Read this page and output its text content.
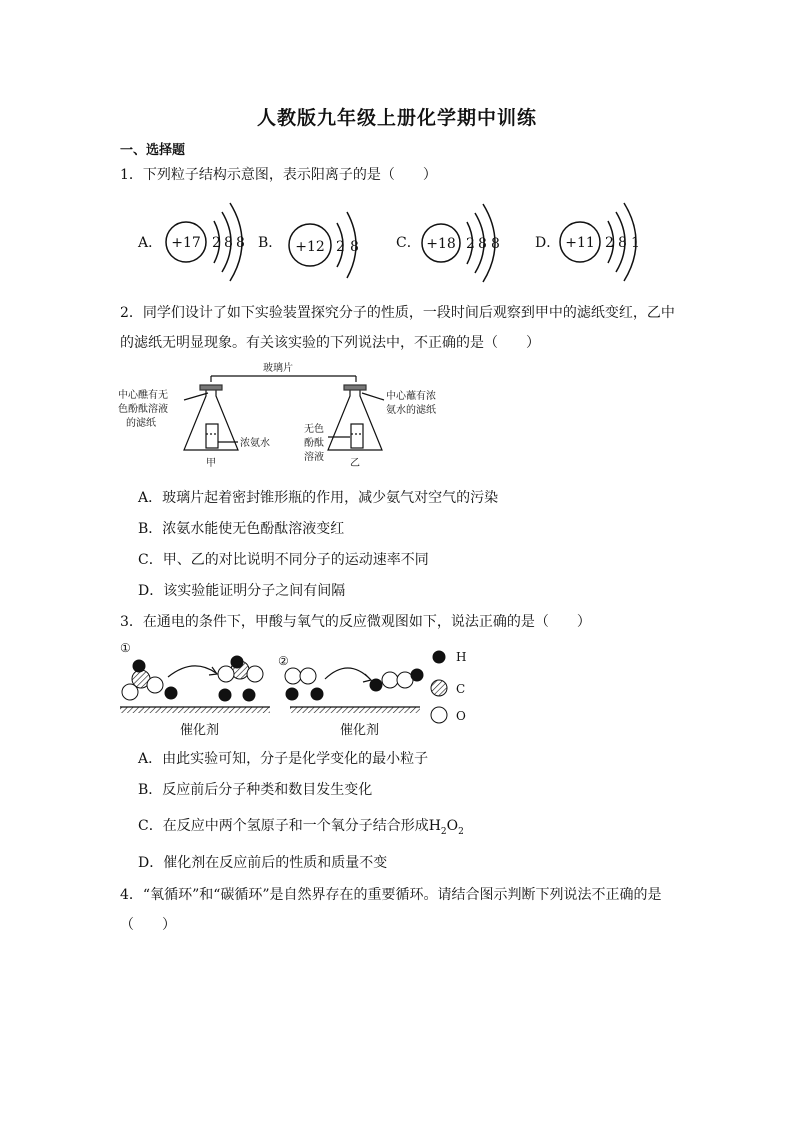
人教版九年级上册化学期中训练
一、选择题
1．下列粒子结构示意图，表示阳离子的是（　　）
A． +17 2 8 8 B． +12 2 8	C． +18 2 8 8	D． +11 2 8 1
2．同学们设计了如下实验装置探究分子的性质，一段时间后观察到甲中的滤纸变红，乙中
的滤纸无明显现象。有关该实验的下列说法中，不正确的是（　　）
玻璃片
中心醮有无
色酚酞溶液
的滤纸
浓氨水
中心蘸有浓
氨水的滤纸
无色
酚酞
溶液
甲	乙
A．玻璃片起着密封锥形瓶的作用，减少氨气对空气的污染
B．浓氨水能使无色酚酞溶液变红
C．甲、乙的对比说明不同分子的运动速率不同
D．该实验能证明分子之间有间隔
3．在通电的条件下，甲酸与氧气的反应微观图如下，说法正确的是（　　）
①
②
催化剂	催化剂
H
C
O
A．由此实验可知，分子是化学变化的最小粒子
B．反应前后分子种类和数目发生变化
C．在反应中两个氢原子和一个氧分子结合形成$H_2O_2$
D．催化剂在反应前后的性质和质量不变
4．“氧循环”和“碳循环”是自然界存在的重要循环。请结合图示判断下列说法不正确的是
（　　）
